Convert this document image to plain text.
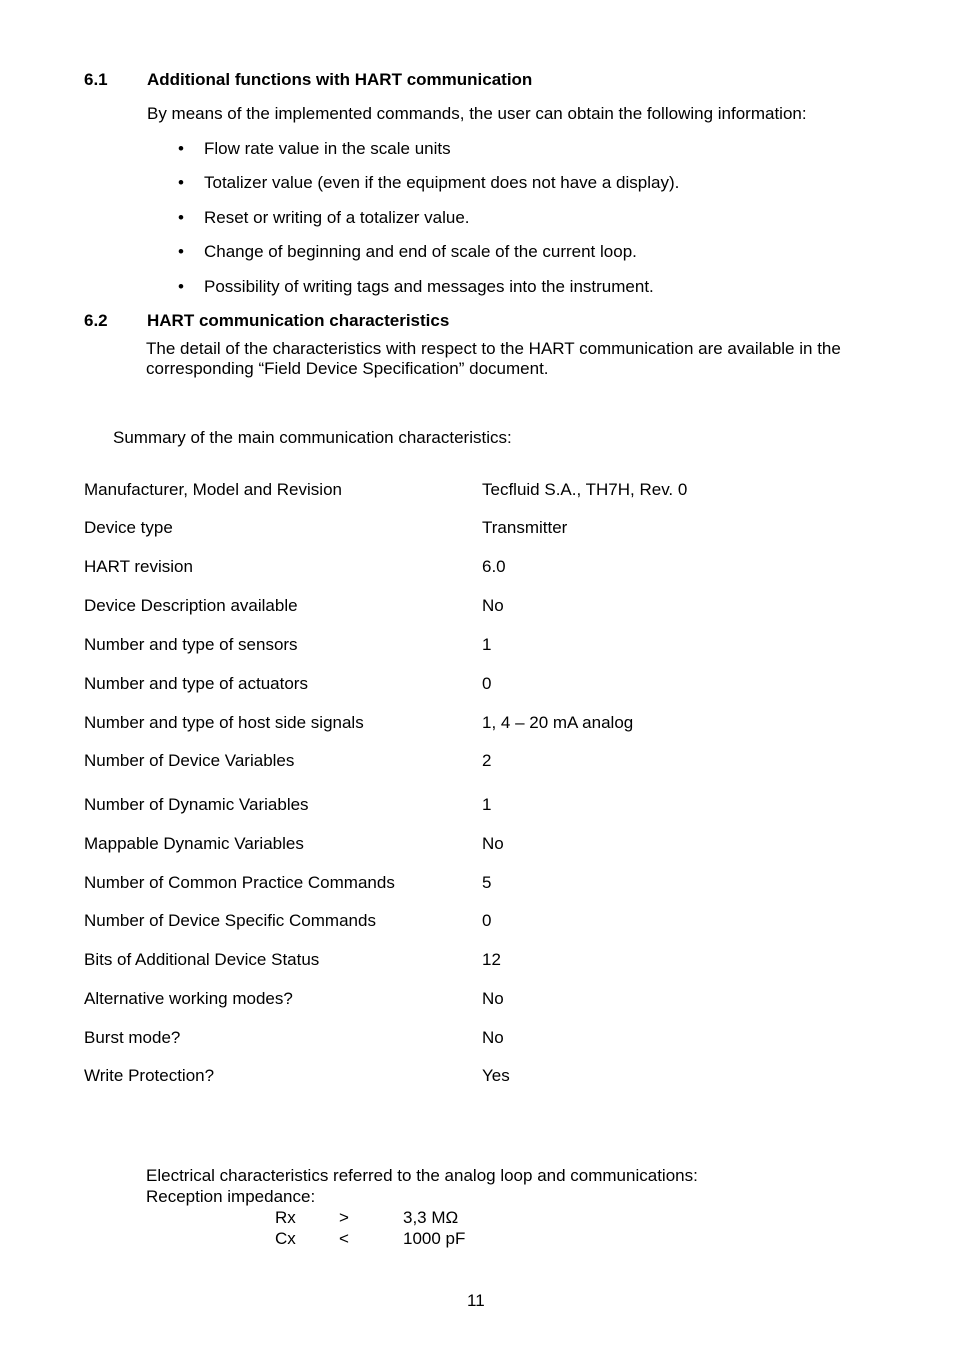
6.1 Additional functions with HART communication
By means of the implemented commands, the user can obtain the following information:
• Flow rate value in the scale units
• Totalizer value (even if the equipment does not have a display).
• Reset or writing of a totalizer value.
• Change of beginning and end of scale of the current loop.
• Possibility of writing tags and messages into the instrument.
6.2 HART communication characteristics
The detail of the characteristics with respect to the HART communication are available in the corresponding “Field Device Specification” document.
Summary of the main communication characteristics:
Manufacturer, Model and Revision	Tecfluid S.A., TH7H, Rev. 0
Device type	Transmitter
HART revision	6.0
Device Description available	No
Number and type of sensors	1
Number and type of actuators	0
Number and type of host side signals	1, 4 – 20 mA analog
Number of Device Variables	2
Number of Dynamic Variables	1
Mappable Dynamic Variables	No
Number of Common Practice Commands	5
Number of Device Specific Commands	0
Bits of Additional Device Status	12
Alternative working modes?	No
Burst mode?	No
Write Protection?	Yes
Electrical characteristics referred to the analog loop and communications:
Reception impedance:
Rx	>	3,3 MΩ
Cx	<	1000 pF
11
